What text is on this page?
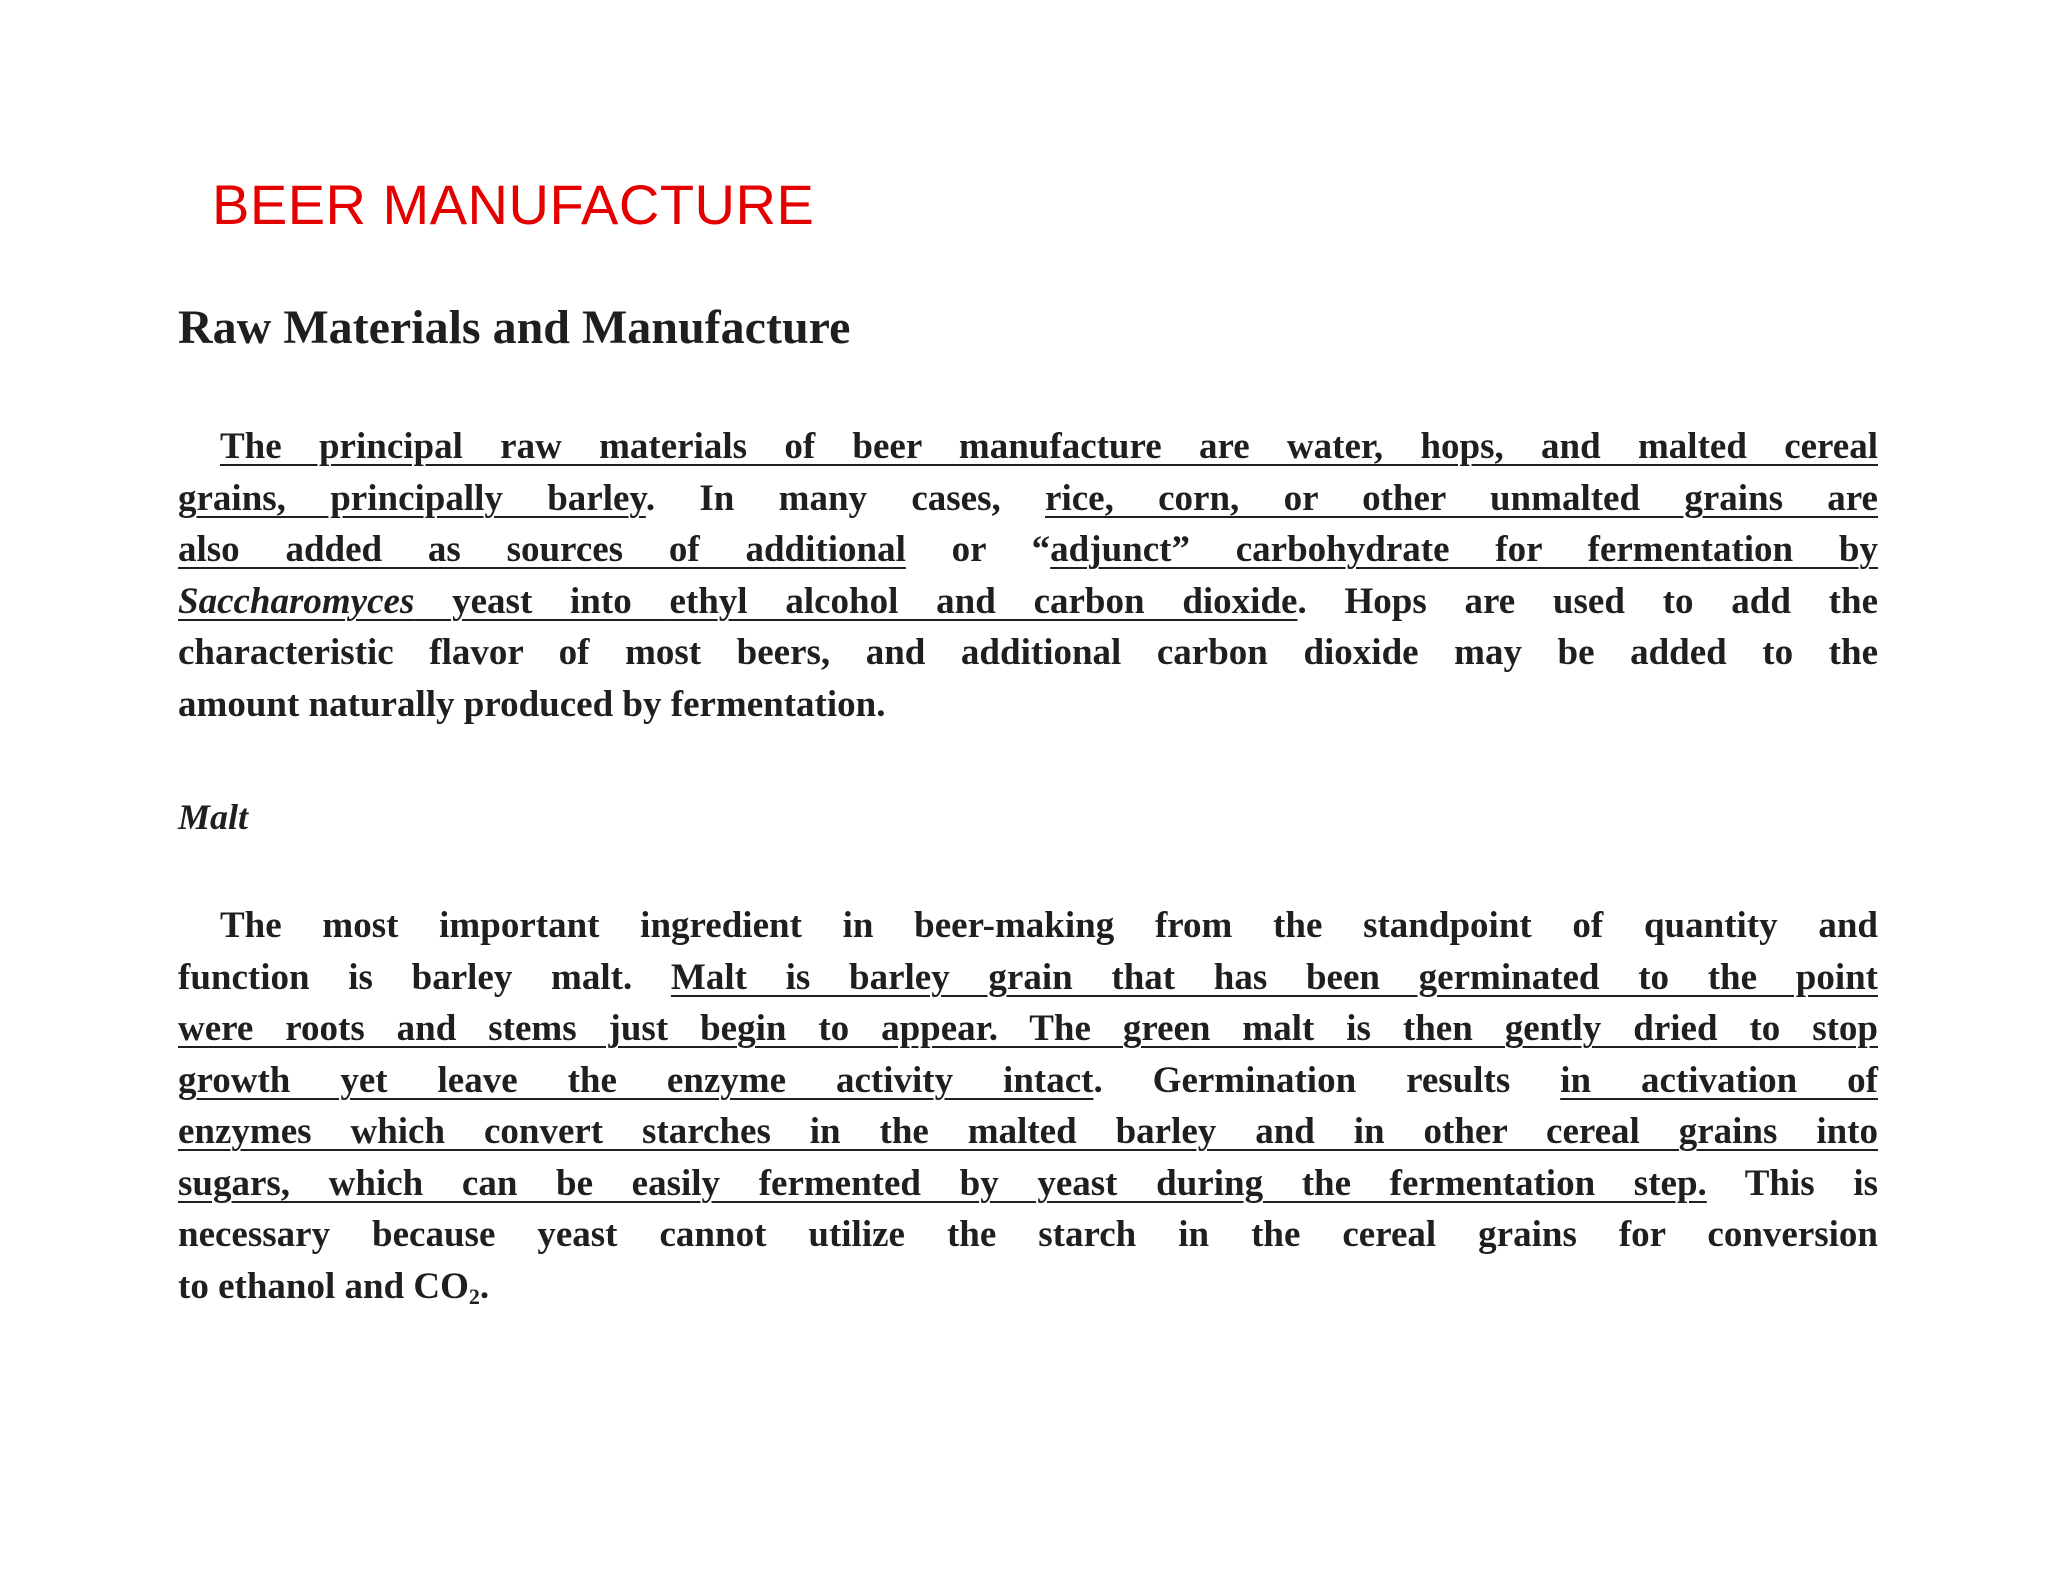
BEER MANUFACTURE
Raw Materials and Manufacture
The principal raw materials of beer manufacture are water, hops, and malted cereal
grains, principally barley. In many cases, rice, corn, or other unmalted grains are
also added as sources of additional or “adjunct” carbohydrate for fermentation by
Saccharomyces yeast into ethyl alcohol and carbon dioxide. Hops are used to add the
characteristic flavor of most beers, and additional carbon dioxide may be added to the
amount naturally produced by fermentation.
Malt
The most important ingredient in beer-making from the standpoint of quantity and
function is barley malt. Malt is barley grain that has been germinated to the point
were roots and stems just begin to appear. The green malt is then gently dried to stop
growth yet leave the enzyme activity intact. Germination results in activation of
enzymes which convert starches in the malted barley and in other cereal grains into
sugars, which can be easily fermented by yeast during the fermentation step. This is
necessary because yeast cannot utilize the starch in the cereal grains for conversion
to ethanol and $CO_2$.
